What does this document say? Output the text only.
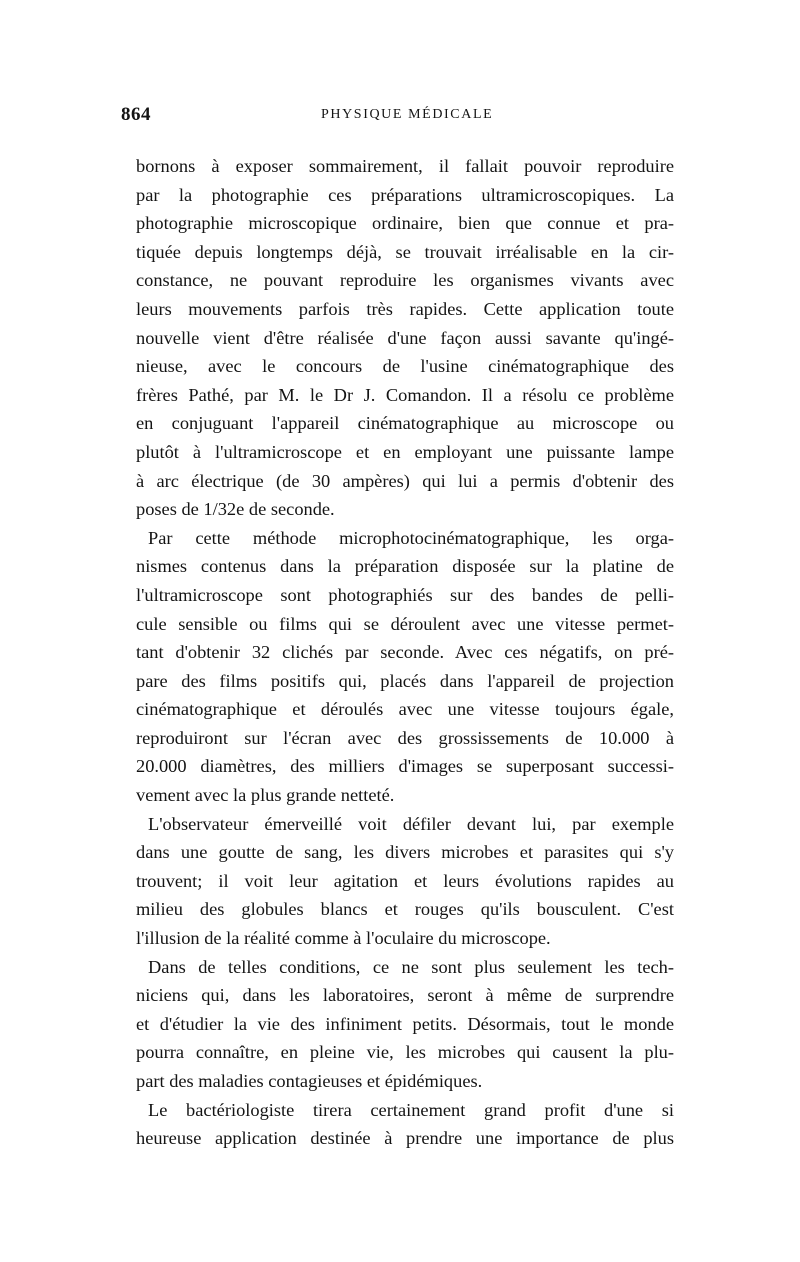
864	PHYSIQUE MÉDICALE
bornons à exposer sommairement, il fallait pouvoir reproduire
par la photographie ces préparations ultramicroscopiques. La
photographie microscopique ordinaire, bien que connue et pra-
tiquée depuis longtemps déjà, se trouvait irréalisable en la cir-
constance, ne pouvant reproduire les organismes vivants avec
leurs mouvements parfois très rapides. Cette application toute
nouvelle vient d'être réalisée d'une façon aussi savante qu'ingé-
nieuse, avec le concours de l'usine cinématographique des
frères Pathé, par M. le Dr J. Comandon. Il a résolu ce problème
en conjuguant l'appareil cinématographique au microscope ou
plutôt à l'ultramicroscope et en employant une puissante lampe
à arc électrique (de 30 ampères) qui lui a permis d'obtenir des
poses de 1/32e de seconde.
Par cette méthode microphotocinématographique, les orga-
nismes contenus dans la préparation disposée sur la platine de
l'ultramicroscope sont photographiés sur des bandes de pelli-
cule sensible ou films qui se déroulent avec une vitesse permet-
tant d'obtenir 32 clichés par seconde. Avec ces négatifs, on pré-
pare des films positifs qui, placés dans l'appareil de projection
cinématographique et déroulés avec une vitesse toujours égale,
reproduiront sur l'écran avec des grossissements de 10.000 à
20.000 diamètres, des milliers d'images se superposant successi-
vement avec la plus grande netteté.
L'observateur émerveillé voit défiler devant lui, par exemple
dans une goutte de sang, les divers microbes et parasites qui s'y
trouvent; il voit leur agitation et leurs évolutions rapides au
milieu des globules blancs et rouges qu'ils bousculent. C'est
l'illusion de la réalité comme à l'oculaire du microscope.
Dans de telles conditions, ce ne sont plus seulement les tech-
niciens qui, dans les laboratoires, seront à même de surprendre
et d'étudier la vie des infiniment petits. Désormais, tout le monde
pourra connaître, en pleine vie, les microbes qui causent la plu-
part des maladies contagieuses et épidémiques.
Le bactériologiste tirera certainement grand profit d'une si
heureuse application destinée à prendre une importance de plus
